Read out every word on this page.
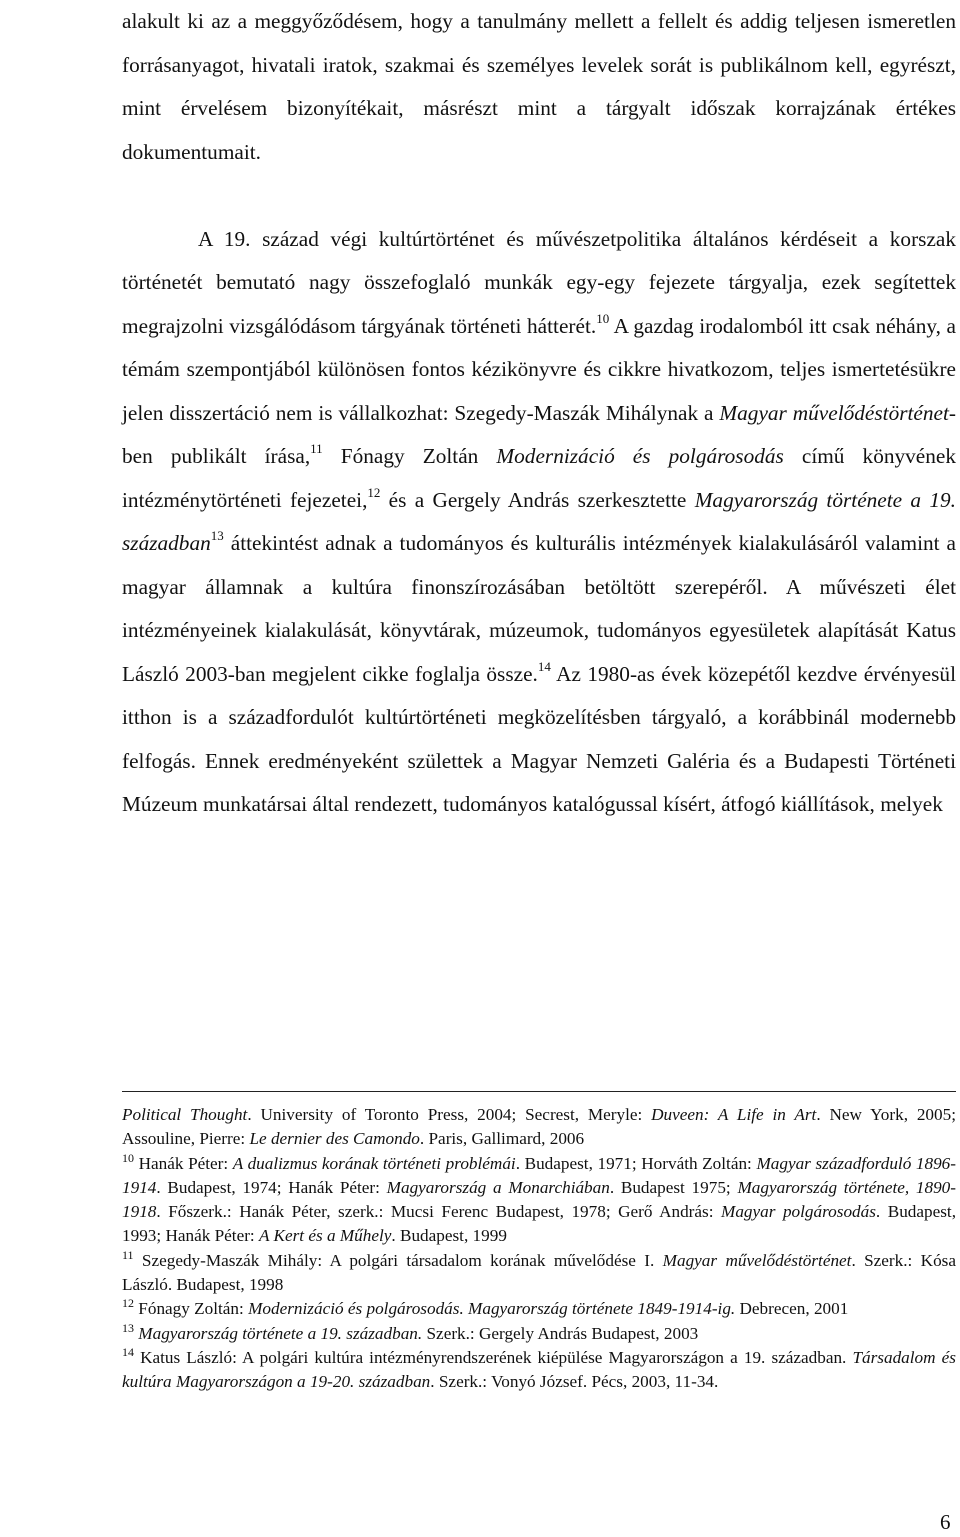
alakult ki az a meggyőződésem, hogy a tanulmány mellett a fellelt és addig teljesen ismeretlen forrásanyagot, hivatali iratok, szakmai és személyes levelek sorát is publikálnom kell, egyrészt, mint érvelésem bizonyítékait, másrészt mint a tárgyalt időszak korrajzának értékes dokumentumait.

A 19. század végi kultúrtörténet és művészetpolitika általános kérdéseit a korszak történetét bemutató nagy összefoglaló munkák egy-egy fejezete tárgyalja, ezek segítettek megrajzolni vizsgálódásom tárgyának történeti hátterét.$^{10}$ A gazdag irodalomból itt csak néhány, a témám szempontjából különösen fontos kézikönyvre és cikkre hivatkozom, teljes ismertetésükre jelen disszertáció nem is vállalkozhat: Szegedy-Maszák Mihálynak a Magyar művelődéstörténet-ben publikált írása,$^{11}$ Fónagy Zoltán Modernizáció és polgárosodás című könyvének intézménytörténeti fejezetei,$^{12}$ és a Gergely András szerkesztette Magyarország története a 19. században$^{13}$ áttekintést adnak a tudományos és kulturális intézmények kialakulásáról valamint a magyar államnak a kultúra finonszírozásában betöltött szerepéről. A művészeti élet intézményeinek kialakulását, könyvtárak, múzeumok, tudományos egyesületek alapítását Katus László 2003-ban megjelent cikke foglalja össze.$^{14}$ Az 1980-as évek közepétől kezdve érvényesül itthon is a századfordulót kultúrtörténeti megközelítésben tárgyaló, a korábbinál modernebb felfogás. Ennek eredményeként születtek a Magyar Nemzeti Galéria és a Budapesti Történeti Múzeum munkatársai által rendezett, tudományos katalógussal kísért, átfogó kiállítások, melyek

Political Thought. University of Toronto Press, 2004; Secrest, Meryle: Duveen: A Life in Art. New York, 2005; Assouline, Pierre: Le dernier des Camondo. Paris, Gallimard, 2006

$^{10}$ Hanák Péter: A dualizmus korának történeti problémái. Budapest, 1971; Horváth Zoltán: Magyar századforduló 1896-1914. Budapest, 1974; Hanák Péter: Magyarország a Monarchiában. Budapest 1975; Magyarország története, 1890-1918. Főszerk.: Hanák Péter, szerk.: Mucsi Ferenc Budapest, 1978; Gerő András: Magyar polgárosodás. Budapest, 1993; Hanák Péter: A Kert és a Műhely. Budapest, 1999

$^{11}$ Szegedy-Maszák Mihály: A polgári társadalom korának művelődése I. Magyar művelődéstörténet. Szerk.: Kósa László. Budapest, 1998

$^{12}$ Fónagy Zoltán: Modernizáció és polgárosodás. Magyarország története 1849-1914-ig. Debrecen, 2001

$^{13}$ Magyarország története a 19. században. Szerk.: Gergely András Budapest, 2003

$^{14}$ Katus László: A polgári kultúra intézményrendszerének kiépülése Magyarországon a 19. században. Társadalom és kultúra Magyarországon a 19-20. században. Szerk.: Vonyó József. Pécs, 2003, 11-34.

6
